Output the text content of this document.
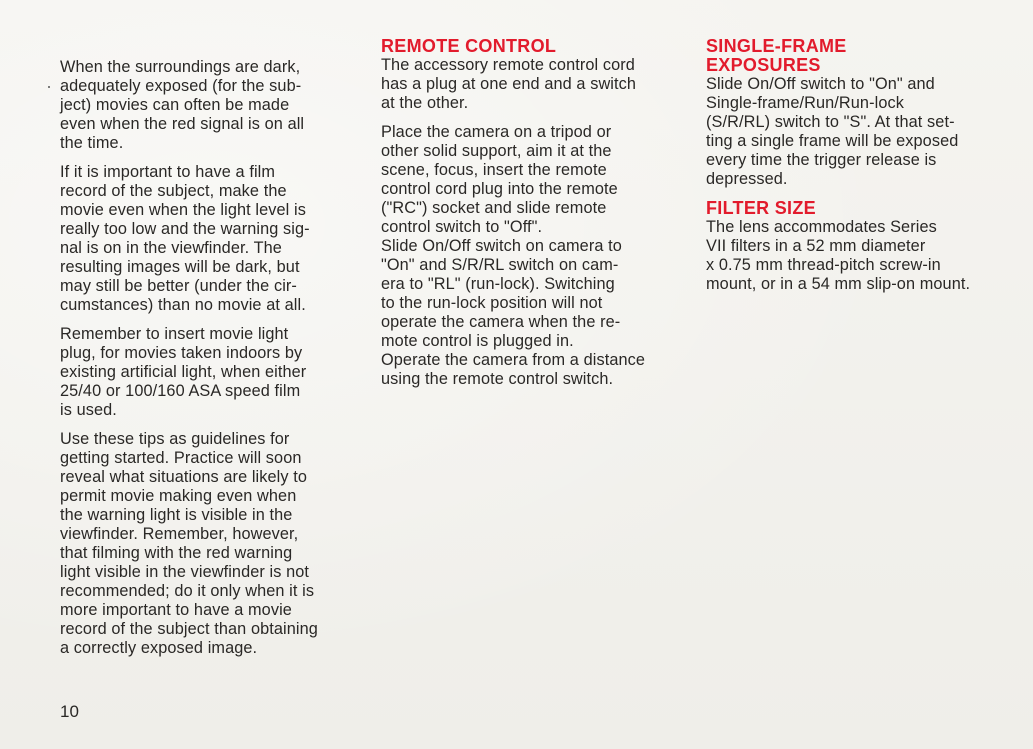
When the surroundings are dark,
adequately exposed (for the sub-
ject) movies can often be made
even when the red signal is on all
the time.

If it is important to have a film
record of the subject, make the
movie even when the light level is
really too low and the warning sig-
nal is on in the viewfinder. The
resulting images will be dark, but
may still be better (under the cir-
cumstances) than no movie at all.

Remember to insert movie light
plug, for movies taken indoors by
existing artificial light, when either
25/40 or 100/160 ASA speed film
is used.

Use these tips as guidelines for
getting started. Practice will soon
reveal what situations are likely to
permit movie making even when
the warning light is visible in the
viewfinder. Remember, however,
that filming with the red warning
light visible in the viewfinder is not
recommended; do it only when it is
more important to have a movie
record of the subject than obtaining
a correctly exposed image.

REMOTE CONTROL

The accessory remote control cord
has a plug at one end and a switch
at the other.

Place the camera on a tripod or
other solid support, aim it at the
scene, focus, insert the remote
control cord plug into the remote
("RC") socket and slide remote
control switch to "Off".
Slide On/Off switch on camera to
"On" and S/R/RL switch on cam-
era to "RL" (run-lock). Switching
to the run-lock position will not
operate the camera when the re-
mote control is plugged in.
Operate the camera from a distance
using the remote control switch.

SINGLE-FRAME
EXPOSURES

Slide On/Off switch to "On" and
Single-frame/Run/Run-lock
(S/R/RL) switch to "S". At that set-
ting a single frame will be exposed
every time the trigger release is
depressed.

FILTER SIZE

The lens accommodates Series
VII filters in a 52 mm diameter
x 0.75 mm thread-pitch screw-in
mount, or in a 54 mm slip-on mount.

10
